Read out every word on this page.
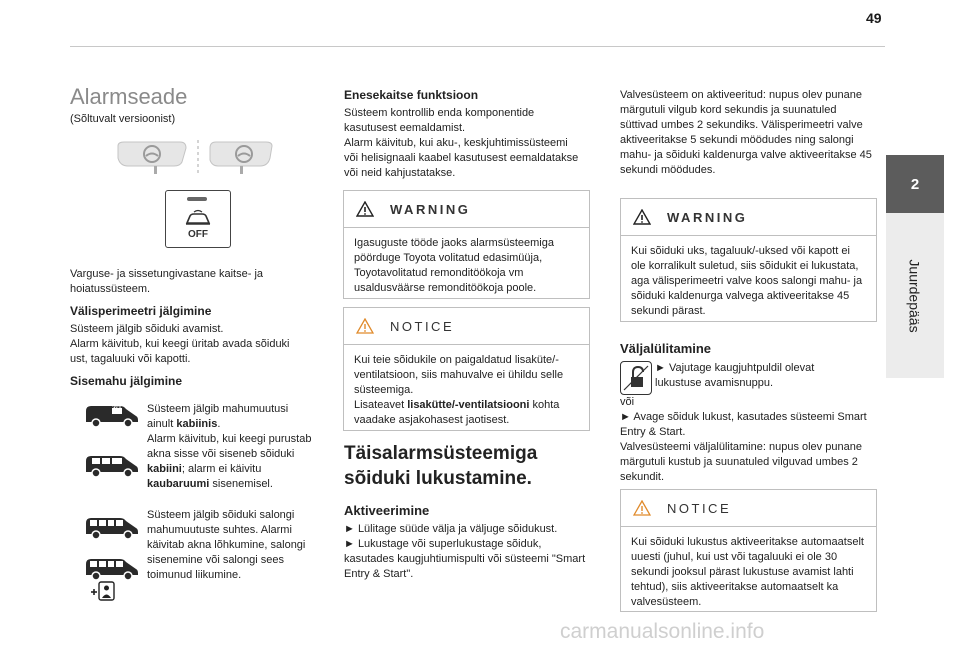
49
2
Juurdepääs
Alarmseade
(Sõltuvalt versioonist)
OFF
Varguse- ja sissetungivastane kaitse- ja hoiatussüsteem.
Välisperimeetri jälgimine
Süsteem jälgib sõiduki avamist.
Alarm käivitub, kui keegi üritab avada sõiduki ust, tagaluuki või kapotti.
Sisemahu jälgimine
2/1 Süsteem jälgib mahumuutusi ainult kabiinis.
Alarm käivitub, kui keegi purustab akna sisse või siseneb sõiduki kabiini; alarm ei käivitu kaubaruumi sisenemisel.
Süsteem jälgib sõiduki salongi mahumuutuste suhtes. Alarmi käivitab akna lõhkumine, salongi sisenemine või salongi sees toimunud liikumine.
Enesekaitse funktsioon
Süsteem kontrollib enda komponentide kasutusest eemaldamist.
Alarm käivitub, kui aku-, keskjuhtimissüsteemi või helisignaali kaabel kasutusest eemaldatakse või neid kahjustatakse.
WARNING
Igasuguste tööde jaoks alarmsüsteemiga pöörduge Toyota volitatud edasimüüja, Toyotavolitatud remonditöökoja vm usaldusväärse remonditöökoja poole.
NOTICE
Kui teie sõidukile on paigaldatud lisaküte/-ventilatsioon, siis mahuvalve ei ühildu selle süsteemiga.
Lisateavet lisaküttе/-ventilatsiooni kohta vaadake asjakohasest jaotisest.
Täisalarmsüsteemiga
sõiduki lukustamine.
Aktiveerimine
► Lülitage süüde välja ja väljuge sõidukust.
► Lukustage või superlukustage sõiduk, kasutades kaugjuhtiumispulti või süsteemi "Smart Entry & Start".
Valvesüsteem on aktiveeritud: nupus olev punane märgutuli vilgub kord sekundis ja suunatuled süttivad umbes 2 sekundiks. Välisperimeetri valve aktiveeritakse 5 sekundi möödudes ning salongi mahu- ja sõiduki kaldenurga valve aktiveeritakse 45 sekundi möödudes.
WARNING
Kui sõiduki uks, tagaluuk/-uksed või kapott ei ole korralikult suletud, siis sõidukit ei lukustata, aga välisperimeetri valve koos salongi mahu- ja sõiduki kaldenurga valvega aktiveeritakse 45 sekundi pärast.
Väljalülitamine
► Vajutage kaugjuhtpuldil olevat lukustuse avamisnuppu.
või
► Avage sõiduk lukust, kasutades süsteemi Smart Entry & Start.
Valvesüsteemi väljalülitamine: nupus olev punane märgutuli kustub ja suunatuled vilguvad umbes 2 sekundit.
NOTICE
Kui sõiduki lukustus aktiveeritakse automaatselt uuesti (juhul, kui ust või tagaluuki ei ole 30 sekundi jooksul pärast lukustuse avamist lahti tehtud), siis aktiveeritakse automaatselt ka valvesüsteem.
carmanualsonline.info
